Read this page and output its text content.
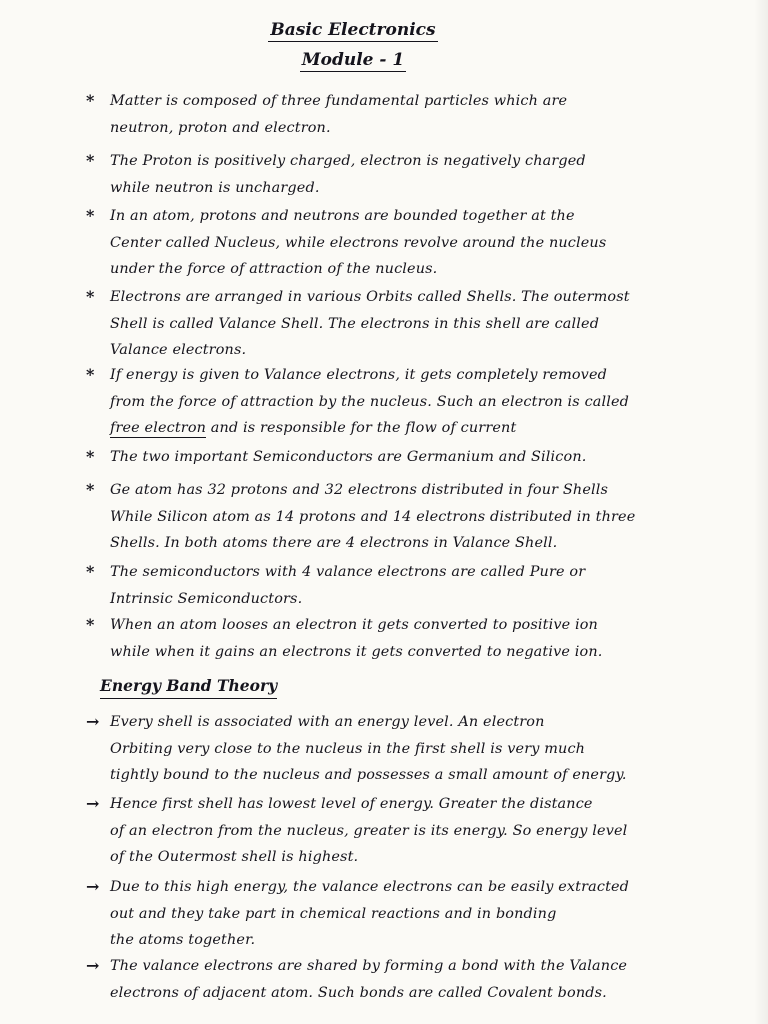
Basic Electronics
Module - 1
*	Matter is composed of three fundamental particles which are
neutron, proton and electron.
*	The Proton is positively charged, electron is negatively charged
while neutron is uncharged.
*	In an atom, protons and neutrons are bounded together at the
Center called Nucleus, while electrons revolve around the nucleus
under the force of attraction of the nucleus.
*	Electrons are arranged in various Orbits called Shells. The outermost
Shell is called Valance Shell. The electrons in this shell are called
Valance electrons.
*	If energy is given to Valance electrons, it gets completely removed
from the force of attraction by the nucleus. Such an electron is called
free electron and is responsible for the flow of current
*	The two important Semiconductors are Germanium and Silicon.
*	Ge atom has 32 protons and 32 electrons distributed in four Shells
While Silicon atom as 14 protons and 14 electrons distributed in three
Shells. In both atoms there are 4 electrons in Valance Shell.
*	The semiconductors with 4 valance electrons are called Pure or
Intrinsic Semiconductors.
*	When an atom looses an electron it gets converted to positive ion
while when it gains an electrons it gets converted to negative ion.
Energy Band Theory
→ Every shell is associated with an energy level. An electron
Orbiting very close to the nucleus in the first shell is very much
tightly bound to the nucleus and possesses a small amount of energy.
→ Hence first shell has lowest level of energy. Greater the distance
of an electron from the nucleus, greater is its energy. So energy level
of the Outermost shell is highest.
→ Due to this high energy, the valance electrons can be easily extracted
out and they take part in chemical reactions and in bonding
the atoms together.
→ The valance electrons are shared by forming a bond with the Valance
electrons of adjacent atom. Such bonds are called Covalent bonds.
